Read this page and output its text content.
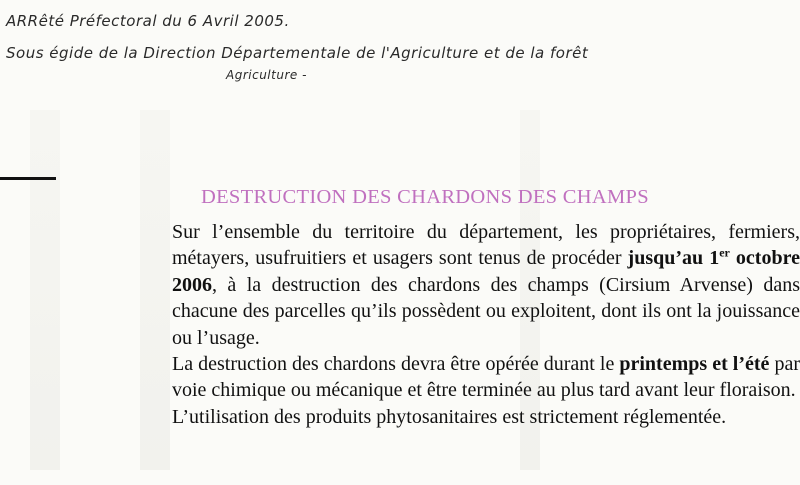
ARRêté Préfectoral du 6 Avril 2005.
Sous égide de la Direction Départementale de l'Agriculture et de la forêt
Agriculture -
DESTRUCTION DES CHARDONS DES CHAMPS

Sur l’ensemble du territoire du département, les propriétaires, fermiers, métayers, usufruitiers et usagers sont tenus de procéder jusqu’au 1er octobre 2006, à la destruction des chardons des champs (Cirsium Arvense) dans chacune des parcelles qu’ils possèdent ou exploitent, dont ils ont la jouissance ou l’usage.

La destruction des chardons devra être opérée durant le printemps et l’été par voie chimique ou mécanique et être terminée au plus tard avant leur floraison.

L’utilisation des produits phytosanitaires est strictement réglementée.
